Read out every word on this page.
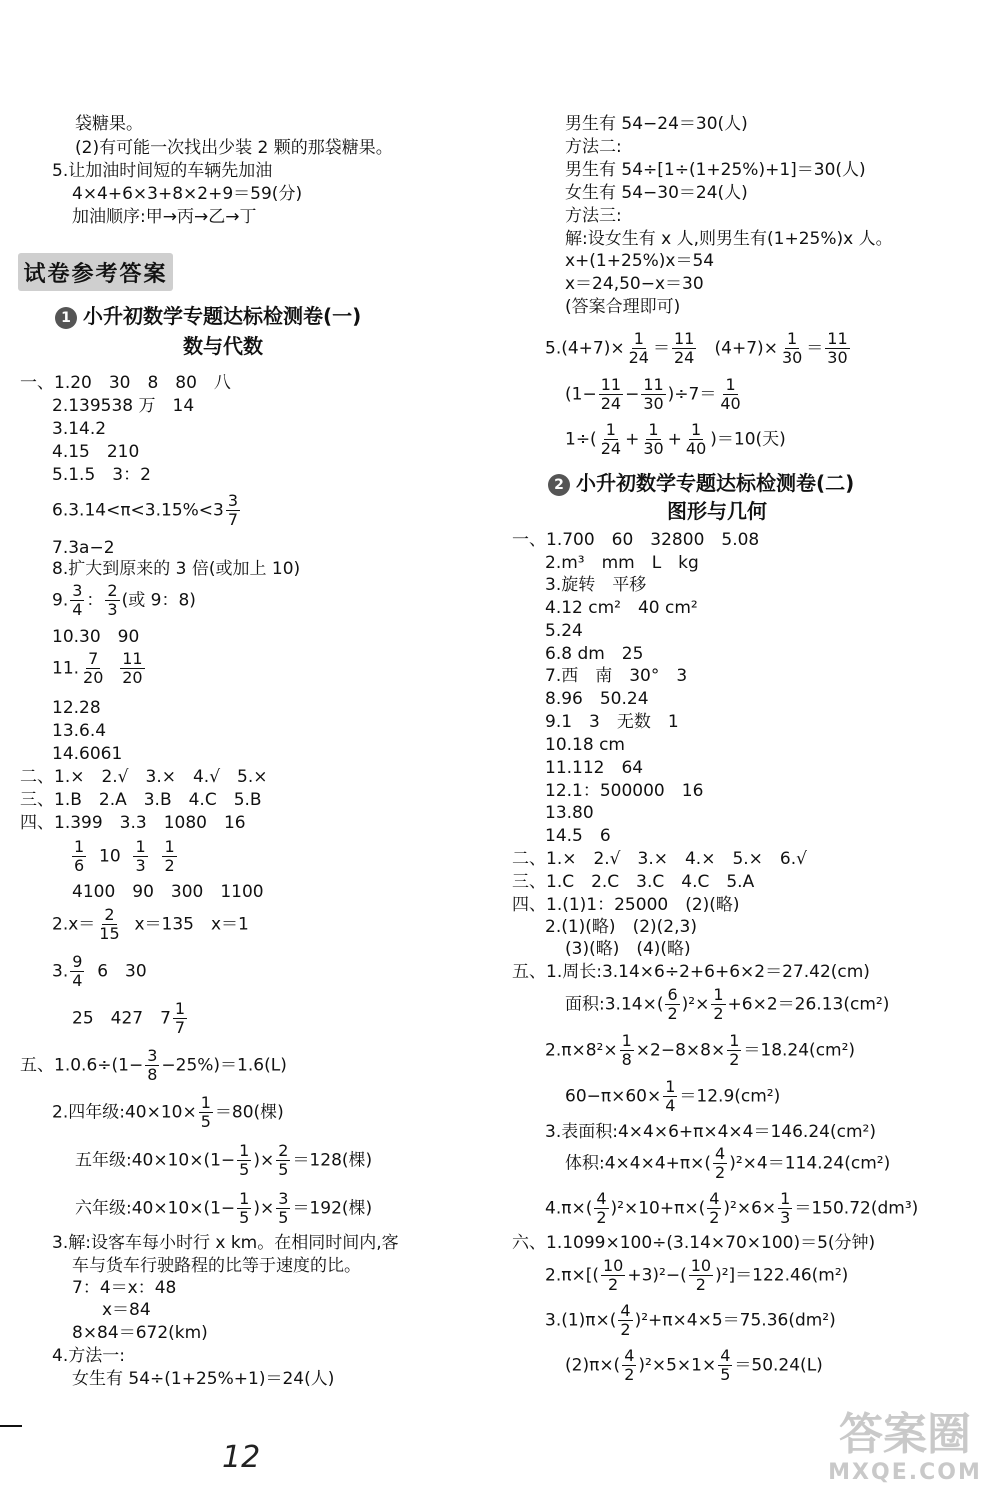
袋糖果。
(2)有可能一次找出少装 2 颗的那袋糖果。
5.让加油时间短的车辆先加油
4×4+6×3+8×2+9＝59(分)
加油顺序:甲→丙→乙→丁
试卷参考答案
1 小升初数学专题达标检测卷(一)
数与代数
一、1.20　30　8　80　八
2.139538 万　14
3.14.2
4.15　210
5.1.5　3：2
$6.3.14<\pi<3.15\%<3 \frac{3}{7}$
7.3a−2
8.扩大到原来的 3 倍(或加上 10)
9. $\frac{3}{4}$ ： $\frac{2}{3}$ (或 9：8)
10.30　90
11. $\frac{7}{20}$
$\frac{11}{20}$
12.28
13.6.4
14.6061
二、1.×　2.√　3.×　4.√　5.×
三、1.B　2.A　3.B　4.C　5.B
四、1.399　3.3　1080　16
$\frac{1}{6} 10 \frac{1}{3}$
$\frac{1}{2}$
4100　90　300　1100
$2.x= \frac{2}{15} x=135$　x＝1
3. $\frac{9}{4} 6$　30
25　427　$7 \frac{1}{7}$
五、$1.0.6\div(1- \frac{3}{8} -25\%)=1.6(L)$
2.四年级:40×10× $\frac{1}{5} =80$(棵)
五年级:40×10×(1− $\frac{1}{5}$ )× $\frac{2}{5} =128$(棵)
六年级:40×10×(1− $\frac{1}{5}$ )× $\frac{3}{5} =192$(棵)
3.解:设客车每小时行 x km。在相同时间内,客
车与货车行驶路程的比等于速度的比。
7：4＝x：48
x＝84
8×84＝672(km)
4.方法一:
女生有 54÷(1+25%+1)＝24(人)
男生有 54−24＝30(人)
方法二:
男生有 54÷[1÷(1+25%)+1]＝30(人)
女生有 54−30＝24(人)
方法三:
解:设女生有 x 人,则男生有(1+25%)x 人。
x+(1+25%)x＝54
x＝24,50−x＝30
(答案合理即可)
$5.(4+7)\times \frac{1}{24} = \frac{11}{24} (4+7)\times \frac{1}{30} = \frac{11}{30}$
$(1- \frac{11}{24} - \frac{11}{30} )\div 7= \frac{1}{40}$
$1\div( \frac{1}{24} + \frac{1}{30} + \frac{1}{40} )=10$(天)
2 小升初数学专题达标检测卷(二)
图形与几何
一、1.700　60　32800　5.08
2.m³　mm　L　kg
3.旋转　平移
4.12 cm²　40 cm²
5.24
6.8 dm　25
7.西　南　30°　3
8.96　50.24
9.1　3　无数　1
10.18 cm
11.112　64
12.1：500000　16
13.80
14.5　6
二、1.×　2.√　3.×　4.×　5.×　6.√
三、1.C　2.C　3.C　4.C　5.A
四、1.(1)1：25000　(2)(略)
2.(1)(略)　(2)(2,3)
(3)(略)　(4)(略)
五、1.周长:3.14×6÷2+6+6×2＝27.42(cm)
面积:3.14×( $\frac{6}{2} )^2\times \frac{1}{2} +6\times 2=26.13(cm^2)$
$2.\pi\times 8^2\times \frac{1}{8} \times 2-8\times 8\times \frac{1}{2} =18.24(cm^2)$
$60-\pi\times 60\times \frac{1}{4} =12.9(cm^2)$
3.表面积:4×4×6+π×4×4＝146.24(cm²)
体积:4×4×4+π×( $\frac{4}{2} )^2\times 4=114.24(cm^2)$
$4.\pi\times( \frac{4}{2} )^2\times 10+\pi\times( \frac{4}{2} )^2\times 6\times \frac{1}{3} =150.72(dm^3)$
六、1.1099×100÷(3.14×70×100)＝5(分钟)
$2.\pi\times[( \frac{10}{2} +3)^2-( \frac{10}{2} )^2]=122.46(m^2)$
$3.(1)\pi\times( \frac{4}{2} )^2+\pi\times 4\times 5=75.36(dm^2)$
$(2)\pi\times( \frac{4}{2} )^2\times 5\times 1\times \frac{4}{5} =50.24(L)$
12	答案圈
MXQE.COM
